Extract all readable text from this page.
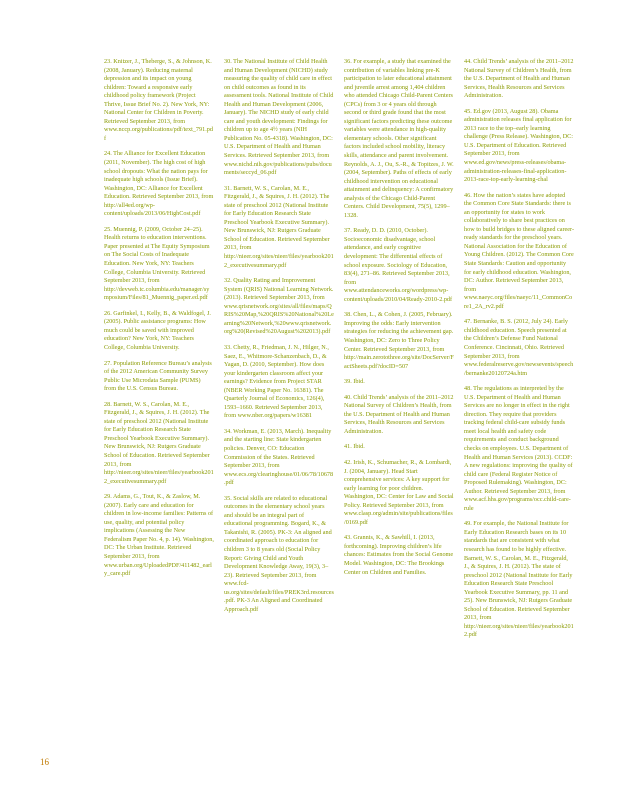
23. Knitzer, J., Theberge, S., & Johnson, K. (2008, January). Reducing maternal depression and its impact on young children: Toward a responsive early childhood policy framework (Project Thrive, Issue Brief No. 2). New York, NY: National Center for Children in Poverty. Retrieved September 2013, from www.nccp.org/publications/pdf/text_791.pdf

24. The Alliance for Excellent Education (2011, November). The high cost of high school dropouts: What the nation pays for inadequate high schools (Issue Brief). Washington, DC: Alliance for Excellent Education. Retrieved September 2013, from http://all4ed.org/wp-content/uploads/2013/06/HighCost.pdf

25. Muennig, P. (2009, October 24–25). Health returns to education interventions. Paper presented at The Equity Symposium on The Social Costs of Inadequate Education. New York, NY: Teachers College, Columbia University. Retrieved September 2013, from http://devweb.tc.columbia.edu/manager/symposium/Files/81_Muennig_paper.ed.pdf

26. Garfinkel, I., Kelly, B., & Waldfogel, J. (2005). Public assistance programs: How much could be saved with improved education? New York, NY: Teachers College, Columbia University.

27. Population Reference Bureau’s analysis of the 2012 American Community Survey Public Use Microdata Sample (PUMS) from the U.S. Census Bureau.

28. Barnett, W. S., Carolan, M. E., Fitzgerald, J., & Squires, J. H. (2012). The state of preschool 2012 (National Institute for Early Education Research State Preschool Yearbook Executive Summary). New Brunswick, NJ: Rutgers Graduate School of Education. Retrieved September 2013, from http://nieer.org/sites/nieer/files/yearbook2012_executivesummary.pdf

29. Adams, G., Tout, K., & Zaslow, M. (2007). Early care and education for children in low-income families: Patterns of use, quality, and potential policy implications (Assessing the New Federalism Paper No. 4, p. 14). Washington, DC: The Urban Institute. Retrieved September 2013, from www.urban.org/UploadedPDF/411482_early_care.pdf

30. The National Institute of Child Health and Human Development (NICHD) study measuring the quality of child care in effect on child outcomes as found in its assessment tools. National Institute of Child Health and Human Development (2006, January). The NICHD study of early child care and youth development: Findings for children up to age 4½ years (NIH Publication No. 05-4318). Washington, DC: U.S. Department of Health and Human Services. Retrieved September 2013, from www.nichd.nih.gov/publications/pubs/documents/seccyd_06.pdf

31. Barnett, W. S., Carolan, M. E., Fitzgerald, J., & Squires, J. H. (2012). The state of preschool 2012 (National Institute for Early Education Research State Preschool Yearbook Executive Summary). New Brunswick, NJ: Rutgers Graduate School of Education. Retrieved September 2013, from http://nieer.org/sites/nieer/files/yearbook2012_executivesummary.pdf

32. Quality Rating and Improvement System (QRIS) National Learning Network. (2013). Retrieved September 2013, from www.qrisnetwork.org/sites/all/files/maps/QRIS%20Map,%20QRIS%20National%20Learning%20Network,%20www.qrisnetwork.org%20(Revised%20August%202013).pdf

33. Chetty, R., Friedman, J. N., Hilger, N., Saez, E., Whitmore-Schanzenbach, D., & Yagan, D. (2010, September). How does your kindergarten classroom affect your earnings? Evidence from Project STAR (NBER Working Paper No. 16381). The Quarterly Journal of Economics, 126(4), 1593–1660. Retrieved September 2013, from www.nber.org/papers/w16381

34. Workman, E. (2013, March). Inequality and the starting line: State kindergarten policies. Denver, CO: Education Commission of the States. Retrieved September 2013, from www.ecs.org/clearinghouse/01/06/78/10678.pdf

35. Social skills are related to educational outcomes in the elementary school years and should be an integral part of educational programming. Bogard, K., & Takanishi, R. (2005). PK-3: An aligned and coordinated approach to education for children 3 to 8 years old (Social Policy Report: Giving Child and Youth Development Knowledge Away, 19(3), 3–23). Retrieved September 2013, from www.fcd-us.org/sites/default/files/PREK3rd.resources.pdf. PK-3 An Aligned and Coordinated Approach.pdf

36. For example, a study that examined the contribution of variables linking pre-K participation to later educational attainment and juvenile arrest among 1,404 children who attended Chicago Child-Parent Centers (CPCs) from 3 or 4 years old through second or third grade found that the most significant factors predicting these outcome variables were attendance in high-quality elementary schools. Other significant factors included school mobility, literacy skills, attendance and parent involvement. Reynolds, A. J., Ou, S.-R., & Topitzes, J. W. (2004, September). Paths of effects of early childhood intervention on educational attainment and delinquency: A confirmatory analysis of the Chicago Child-Parent Centers. Child Development, 75(5), 1299–1328.

37. Ready, D. D. (2010, October). Socioeconomic disadvantage, school attendance, and early cognitive development: The differential effects of school exposure. Sociology of Education, 83(4), 271–86. Retrieved September 2013, from www.attendanceworks.org/wordpress/wp-content/uploads/2010/04/Ready-2010-2.pdf

38. Chen, L., & Cohen, J. (2005, February). Improving the odds: Early intervention strategies for reducing the achievement gap. Washington, DC: Zero to Three Policy Center. Retrieved September 2013, from http://main.zerotothree.org/site/DocServer/FactSheets.pdf?docID=507

39. Ibid.

40. Child Trends’ analysis of the 2011–2012 National Survey of Children’s Health, from the U.S. Department of Health and Human Services, Health Resources and Services Administration.

41. Ibid.

42. Irish, K., Schumacher, R., & Lombardi, J. (2004, January). Head Start comprehensive services: A key support for early learning for poor children. Washington, DC: Center for Law and Social Policy. Retrieved September 2013, from www.clasp.org/admin/site/publications/files/0169.pdf

43. Grannis, K., & Sawhill, I. (2013, forthcoming). Improving children’s life chances: Estimates from the Social Genome Model. Washington, DC: The Brookings Center on Children and Families.

44. Child Trends’ analysis of the 2011–2012 National Survey of Children’s Health, from the U.S. Department of Health and Human Services, Health Resources and Services Administration.

45. Ed.gov (2013, August 28). Obama administration releases final application for 2013 race to the top–early learning challenge (Press Release). Washington, DC: U.S. Department of Education. Retrieved September 2013, from www.ed.gov/news/press-releases/obama-administration-releases-final-application-2013-race-top-early-learning-chal

46. How the nation’s states have adopted the Common Core State Standards: there is an opportunity for states to work collaboratively to share best practices on how to build bridges to these aligned career-ready standards for the preschool years. National Association for the Education of Young Children. (2012). The Common Core State Standards: Caution and opportunity for early childhood education. Washington, DC: Author. Retrieved September 2013, from www.naeyc.org/files/naeyc/11_CommonCore1_2A_rv2.pdf

47. Bernanke, B. S. (2012, July 24). Early childhood education. Speech presented at the Children’s Defense Fund National Conference. Cincinnati, Ohio. Retrieved September 2013, from www.federalreserve.gov/newsevents/speech/bernanke20120724a.htm

48. The regulations as interpreted by the U.S. Department of Health and Human Services are no longer in effect in the right direction. They require that providers tracking federal child-care subsidy funds meet local health and safety code requirements and conduct background checks on employees. U.S. Department of Health and Human Services (2013). CCDF: A new regulations: improving the quality of child care (Federal Register Notice of Proposed Rulemaking). Washington, DC: Author. Retrieved September 2013, from www.acf.hhs.gov/programs/occ.child-care-rule

49. For example, the National Institute for Early Education Research bases on its 10 standards that are consistent with what research has found to be highly effective. Barnett, W. S., Carolan, M. E., Fitzgerald, J., & Squires, J. H. (2012). The state of preschool 2012 (National Institute for Early Education Research State Preschool Yearbook Executive Summary, pp. 11 and 25). New Brunswick, NJ: Rutgers Graduate School of Education. Retrieved September 2013, from http://nieer.org/sites/nieer/files/yearbook2012.pdf

16
